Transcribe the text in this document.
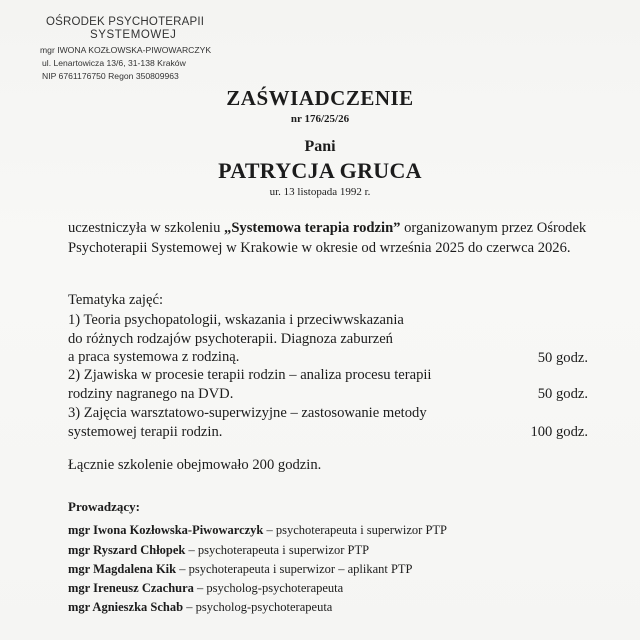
OŚRODEK PSYCHOTERAPII
SYSTEMOWEJ
mgr IWONA KOZŁOWSKA-PIWOWARCZYK
ul. Lenartowicza 13/6, 31-138 Kraków
NIP 6761176750 Regon 350809963
ZAŚWIADCZENIE
nr 176/25/26
Pani
PATRYCJA GRUCA
ur. 13 listopada 1992 r.
uczestniczyła w szkoleniu „Systemowa terapia rodzin” organizowanym przez Ośrodek Psychoterapii Systemowej w Krakowie w okresie od września 2025 do czerwca 2026.
Tematyka zajęć:
1) Teoria psychopatologii, wskazania i przeciwwskazania
do różnych rodzajów psychoterapii. Diagnoza zaburzeń
a praca systemowa z rodziną.	50 godz.
2) Zjawiska w procesie terapii rodzin – analiza procesu terapii
rodziny nagranego na DVD.	50 godz.
3) Zajęcia warsztatowo-superwizyjne – zastosowanie metody
systemowej terapii rodzin.	100 godz.
Łącznie szkolenie obejmowało 200 godzin.
Prowadzący:
mgr Iwona Kozłowska-Piwowarczyk – psychoterapeuta i superwizor PTP
mgr Ryszard Chłopek – psychoterapeuta i superwizor PTP
mgr Magdalena Kik – psychoterapeuta i superwizor – aplikant PTP
mgr Ireneusz Czachura – psycholog-psychoterapeuta
mgr Agnieszka Schab – psycholog-psychoterapeuta
